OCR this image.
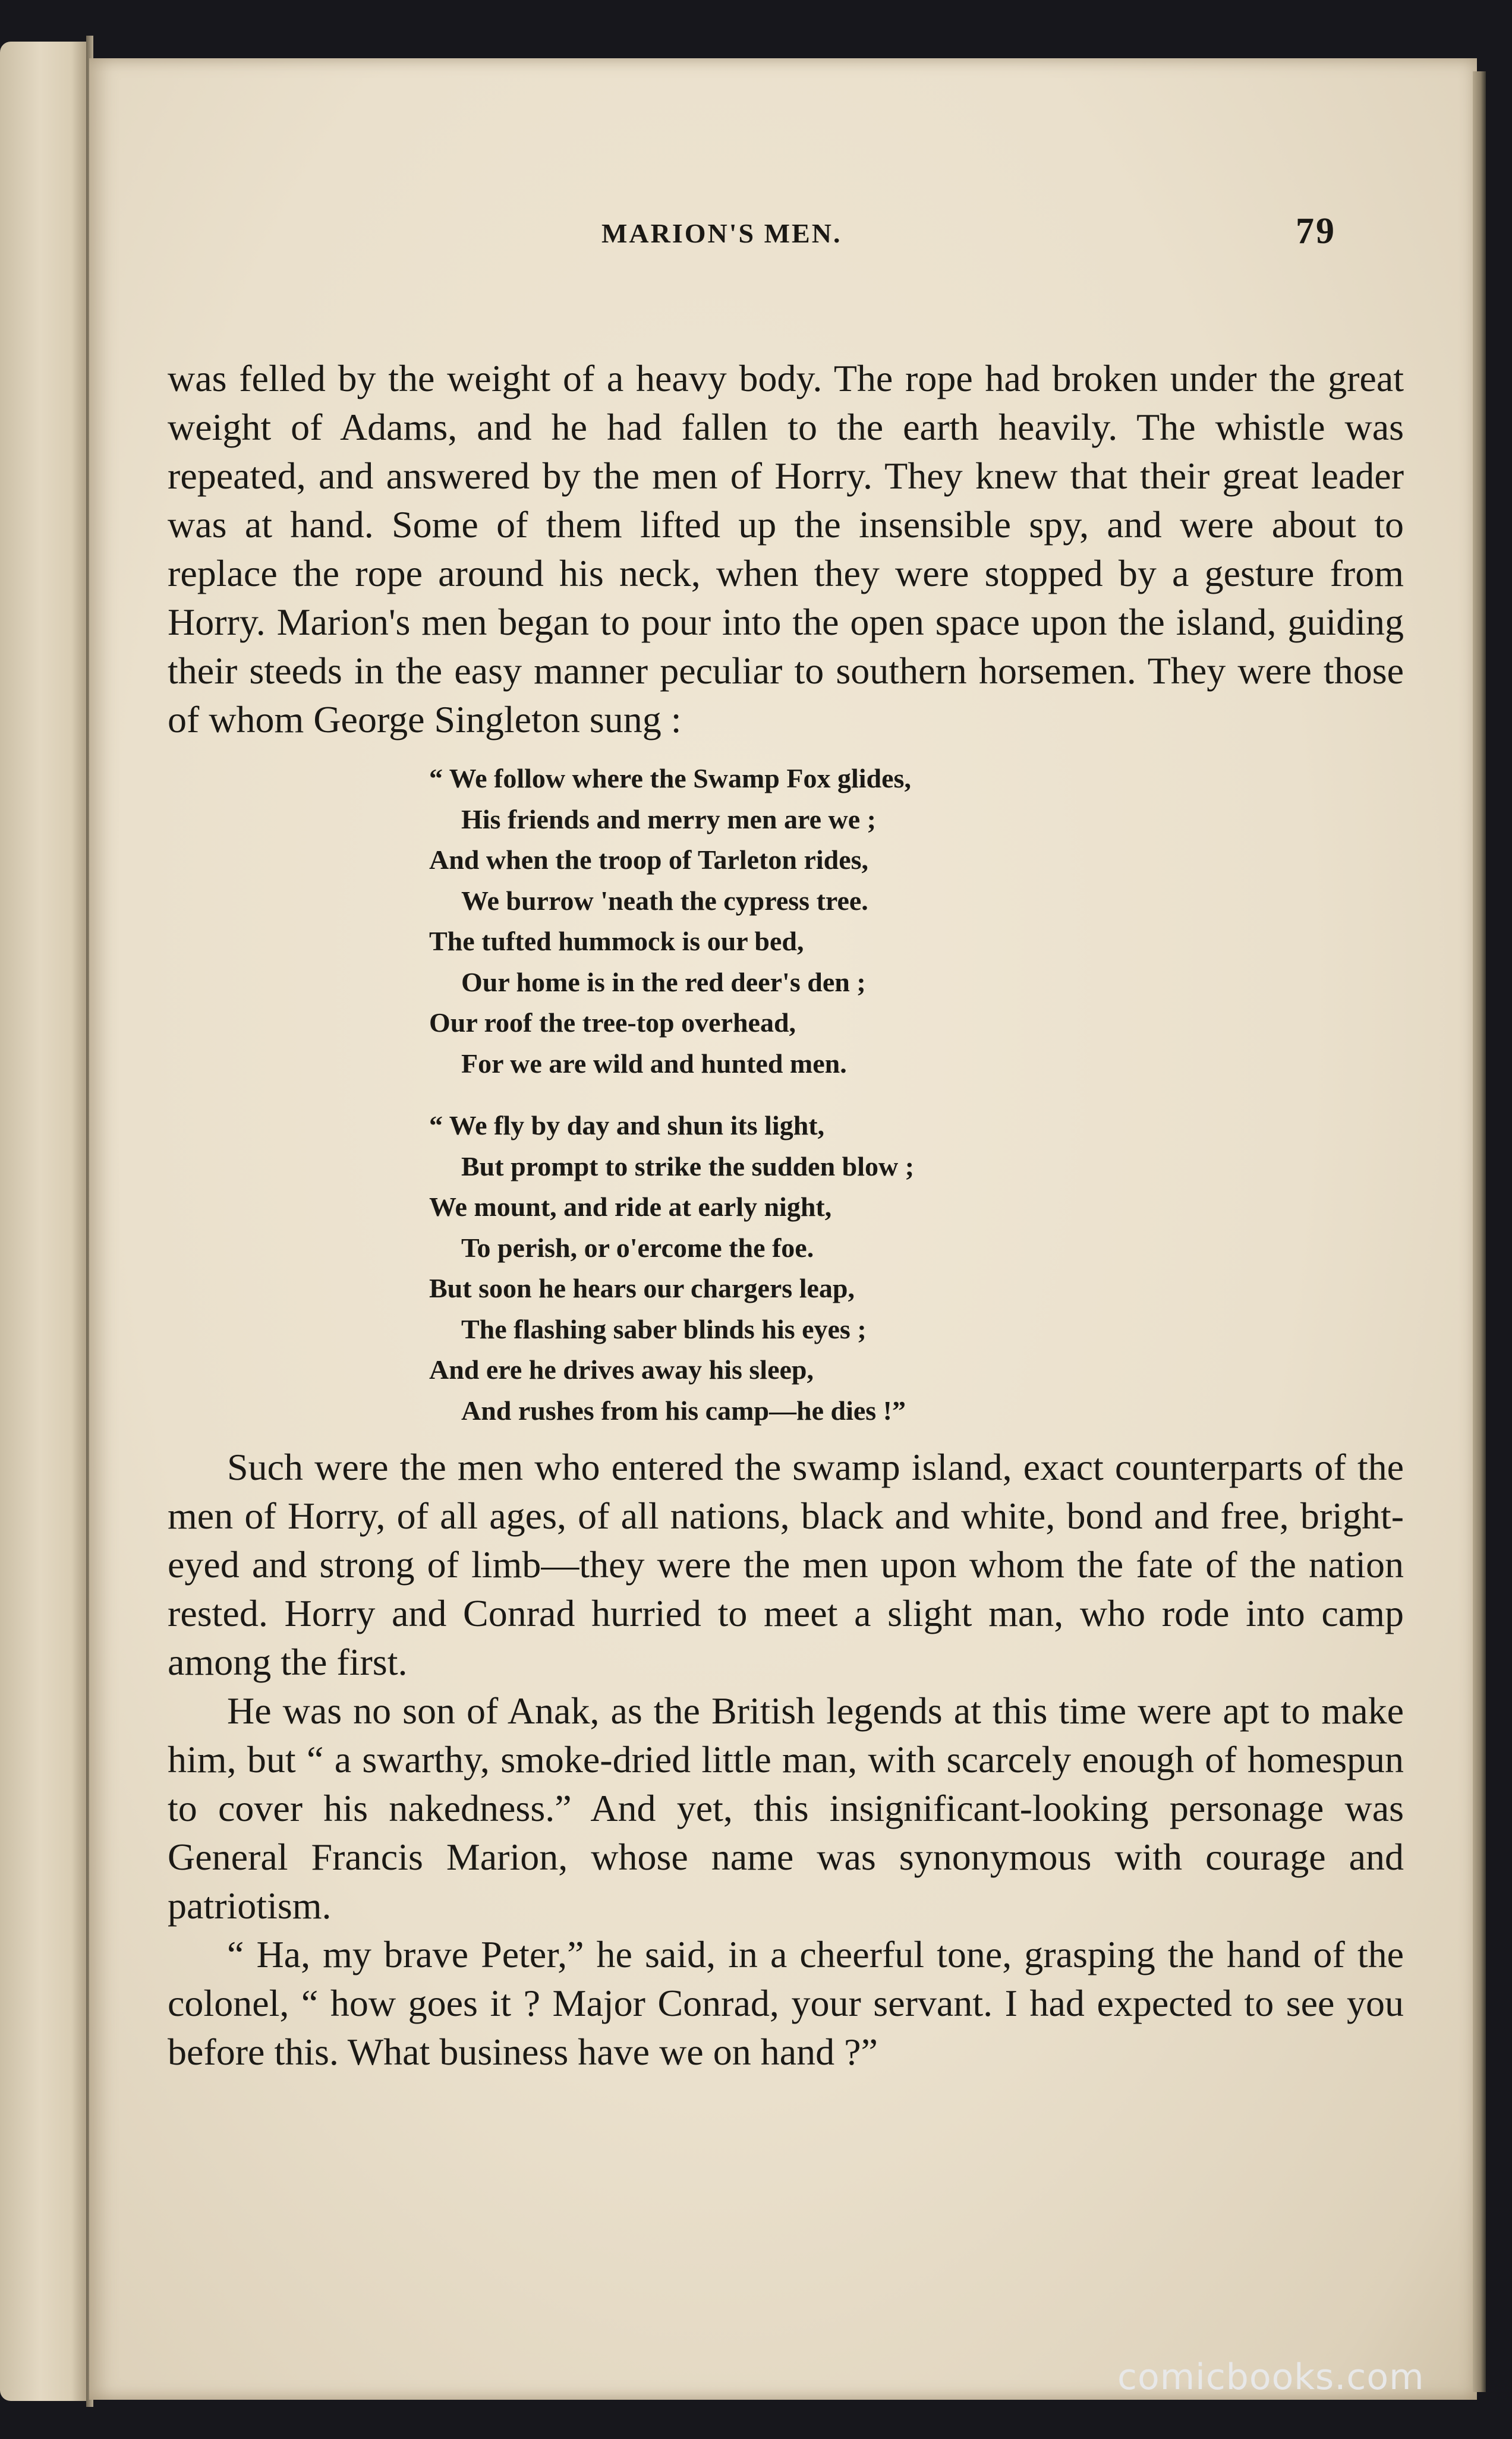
MARION'S MEN.	79

was felled by the weight of a heavy body. The rope had broken under the great weight of Adams, and he had fallen to the earth heavily. The whistle was repeated, and answered by the men of Horry. They knew that their great leader was at hand. Some of them lifted up the insensible spy, and were about to replace the rope around his neck, when they were stopped by a gesture from Horry. Marion's men began to pour into the open space upon the island, guiding their steeds in the easy manner peculiar to southern horsemen. They were those of whom George Singleton sung :

“ We follow where the Swamp Fox glides,
His friends and merry men are we ;
And when the troop of Tarleton rides,
We burrow 'neath the cypress tree.
The tufted hummock is our bed,
Our home is in the red deer's den ;
Our roof the tree-top overhead,
For we are wild and hunted men.
“ We fly by day and shun its light,
But prompt to strike the sudden blow ;
We mount, and ride at early night,
To perish, or o'ercome the foe.
But soon he hears our chargers leap,
The flashing saber blinds his eyes ;
And ere he drives away his sleep,
And rushes from his camp—he dies !”

Such were the men who entered the swamp island, exact counterparts of the men of Horry, of all ages, of all nations, black and white, bond and free, bright-eyed and strong of limb—they were the men upon whom the fate of the nation rested. Horry and Conrad hurried to meet a slight man, who rode into camp among the first.

He was no son of Anak, as the British legends at this time were apt to make him, but “ a swarthy, smoke-dried little man, with scarcely enough of homespun to cover his nakedness.” And yet, this insignificant-looking personage was General Francis Marion, whose name was synonymous with courage and patriotism.

“ Ha, my brave Peter,” he said, in a cheerful tone, grasping the hand of the colonel, “ how goes it ? Major Conrad, your servant. I had expected to see you before this. What business have we on hand ?”

comicbooks.com
